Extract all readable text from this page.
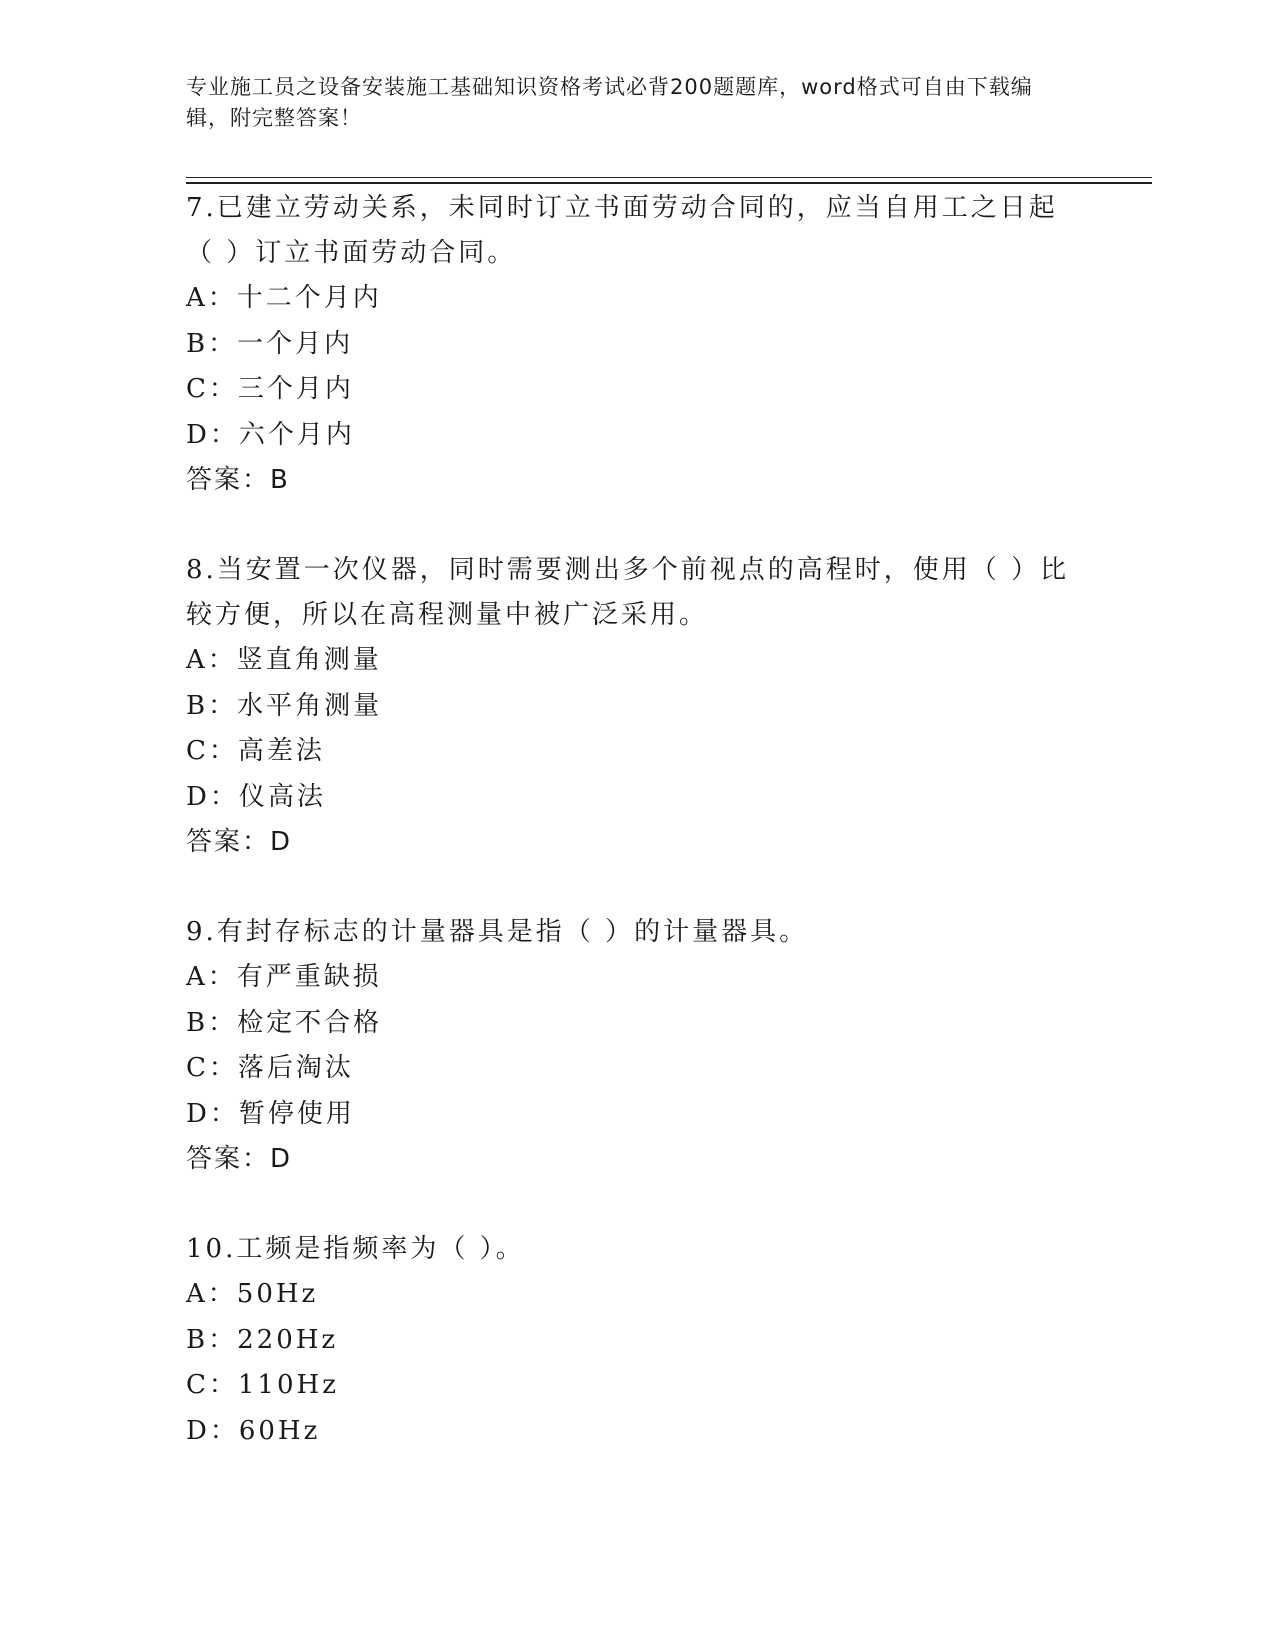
专业施工员之设备安装施工基础知识资格考试必背200题题库，word格式可自由下载编辑，附完整答案！

7.已建立劳动关系，未同时订立书面劳动合同的，应当自用工之日起（ ）订立书面劳动合同。

A：十二个月内

B：一个月内

C：三个月内

D：六个月内

答案：B

8.当安置一次仪器，同时需要测出多个前视点的高程时，使用（ ）比较方便，所以在高程测量中被广泛采用。

A：竖直角测量

B：水平角测量

C：高差法

D：仪高法

答案：D

9.有封存标志的计量器具是指（ ）的计量器具。

A：有严重缺损

B：检定不合格

C：落后淘汰

D：暂停使用

答案：D

10.工频是指频率为（ ）。

A：50Hz

B：220Hz

C：110Hz

D：60Hz
